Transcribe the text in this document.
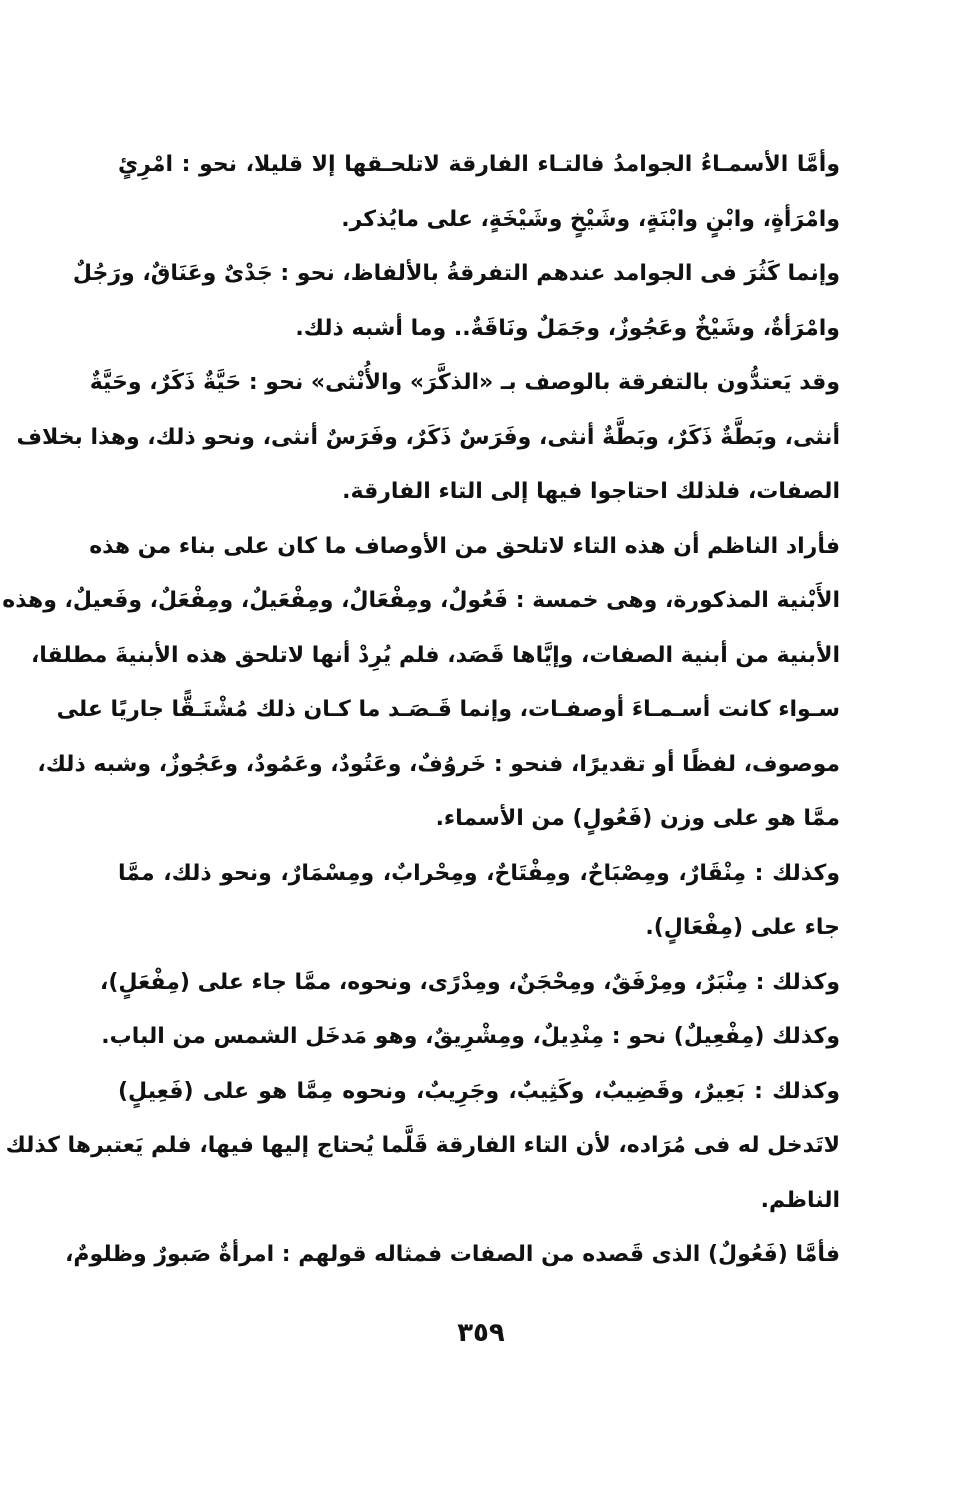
وأمَّا الأسمـاءُ الجوامدُ فالتـاء الفارقة لاتلحـقها إلا قليلا، نحو : امْرِئٍ
وامْرَأةٍ، وابْنٍ وابْنَةٍ، وشَيْخٍ وشَيْخَةٍ، على مايُذكر.
وإنما كَثُرَ فى الجوامد عندهم التفرقةُ بالألفاظ، نحو : جَدْىٌ وعَنَاقٌ، ورَجُلٌ
وامْرَأةٌ، وشَيْخٌ وعَجُوزٌ، وجَمَلٌ ونَاقَةٌ.. وما أشبه ذلك.
وقد يَعتدُّون بالتفرقة بالوصف بـ «الذكَّرَ» والأُنْثى» نحو : حَيَّةٌ ذَكَرٌ، وحَيَّةٌ
أنثى، وبَطَّةٌ ذَكَرٌ، وبَطَّةٌ أنثى، وفَرَسٌ ذَكَرٌ، وفَرَسٌ أنثى، ونحو ذلك، وهذا بخلاف
الصفات، فلذلك احتاجوا فيها إلى التاء الفارقة.
فأراد الناظم أن هذه التاء لاتلحق من الأوصاف ما كان على بناء من هذه
الأَبْنية المذكورة، وهى خمسة : فَعُولٌ، ومِفْعَالٌ، ومِفْعَيلٌ، ومِفْعَلٌ، وفَعيلٌ، وهذه
الأبنية من أبنية الصفات، وإيَّاها قَصَد، فلم يُرِدْ أنها لاتلحق هذه الأبنيةَ مطلقا،
سـواء كانت أسـمـاءَ أوصفـات، وإنما قَـصَـد ما كـان ذلك مُشْتَـقًّا جاريًا على
موصوف، لفظًا أو تقديرًا، فنحو : خَروُفٌ، وعَتُودٌ، وعَمُودٌ، وعَجُوزٌ، وشبه ذلك،
ممَّا هو على وزن (فَعُولٍ) من الأسماء.
وكذلك : مِنْقَارٌ، ومِصْبَاحٌ، ومِفْتَاحٌ، ومِحْرابٌ، ومِسْمَارٌ، ونحو ذلك، ممَّا
جاء على (مِفْعَالٍ).
وكذلك : مِنْبَرٌ، ومِرْفَقٌ، ومِحْجَنٌ، ومِدْرًى، ونحوه، ممَّا جاء على (مِفْعَلٍ)،
وكذلك (مِفْعِيلٌ) نحو : مِنْدِيلٌ، ومِشْرِيقٌ، وهو مَدخَل الشمس من الباب.
وكذلك : بَعِيرٌ، وقَضِيبٌ، وكَثِيبٌ، وجَرِيبٌ، ونحوه مِمَّا هو على (فَعِيلٍ)
لاتَدخل له فى مُرَاده، لأن التاء الفارقة قَلَّما يُحتاج إليها فيها، فلم يَعتبرها كذلك
الناظم.
فأمَّا (فَعُولٌ) الذى قَصده من الصفات فمثاله قولهم : امرأةٌ صَبورٌ وظلومٌ،
٣٥٩
